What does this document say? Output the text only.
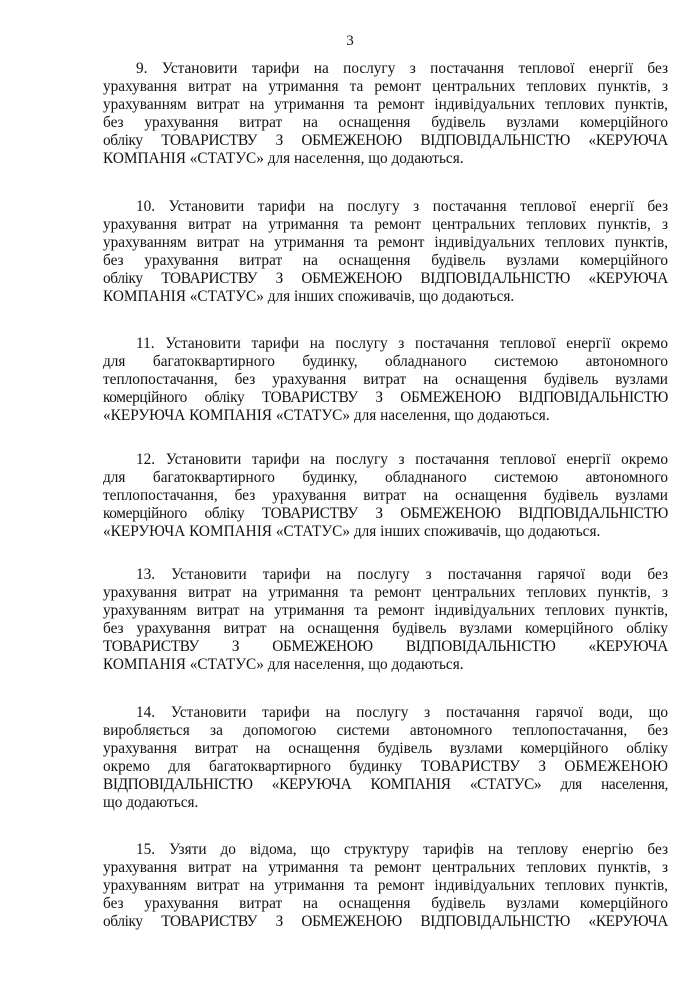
3
9. Установити тарифи на послугу з постачання теплової енергії без
урахування витрат на утримання та ремонт центральних теплових пунктів, з
урахуванням витрат на утримання та ремонт індивідуальних теплових пунктів,
без урахування витрат на оснащення будівель вузлами комерційного
обліку ТОВАРИСТВУ З ОБМЕЖЕНОЮ ВІДПОВІДАЛЬНІСТЮ «КЕРУЮЧА
КОМПАНІЯ «СТАТУС» для населення, що додаються.
10. Установити тарифи на послугу з постачання теплової енергії без
урахування витрат на утримання та ремонт центральних теплових пунктів, з
урахуванням витрат на утримання та ремонт індивідуальних теплових пунктів,
без урахування витрат на оснащення будівель вузлами комерційного
обліку ТОВАРИСТВУ З ОБМЕЖЕНОЮ ВІДПОВІДАЛЬНІСТЮ «КЕРУЮЧА
КОМПАНІЯ «СТАТУС» для інших споживачів, що додаються.
11. Установити тарифи на послугу з постачання теплової енергії окремо
для багатоквартирного будинку, обладнаного системою автономного
теплопостачання, без урахування витрат на оснащення будівель вузлами
комерційного обліку ТОВАРИСТВУ З ОБМЕЖЕНОЮ ВІДПОВІДАЛЬНІСТЮ
«КЕРУЮЧА КОМПАНІЯ «СТАТУС» для населення, що додаються.
12. Установити тарифи на послугу з постачання теплової енергії окремо
для багатоквартирного будинку, обладнаного системою автономного
теплопостачання, без урахування витрат на оснащення будівель вузлами
комерційного обліку ТОВАРИСТВУ З ОБМЕЖЕНОЮ ВІДПОВІДАЛЬНІСТЮ
«КЕРУЮЧА КОМПАНІЯ «СТАТУС» для інших споживачів, що додаються.
13. Установити тарифи на послугу з постачання гарячої води без
урахування витрат на утримання та ремонт центральних теплових пунктів, з
урахуванням витрат на утримання та ремонт індивідуальних теплових пунктів,
без урахування витрат на оснащення будівель вузлами комерційного обліку
ТОВАРИСТВУ З ОБМЕЖЕНОЮ ВІДПОВІДАЛЬНІСТЮ «КЕРУЮЧА
КОМПАНІЯ «СТАТУС» для населення, що додаються.
14. Установити тарифи на послугу з постачання гарячої води, що
виробляється за допомогою системи автономного теплопостачання, без
урахування витрат на оснащення будівель вузлами комерційного обліку
окремо для багатоквартирного будинку ТОВАРИСТВУ З ОБМЕЖЕНОЮ
ВІДПОВІДАЛЬНІСТЮ «КЕРУЮЧА КОМПАНІЯ «СТАТУС» для населення,
що додаються.
15. Узяти до відома, що структуру тарифів на теплову енергію без
урахування витрат на утримання та ремонт центральних теплових пунктів, з
урахуванням витрат на утримання та ремонт індивідуальних теплових пунктів,
без урахування витрат на оснащення будівель вузлами комерційного
обліку ТОВАРИСТВУ З ОБМЕЖЕНОЮ ВІДПОВІДАЛЬНІСТЮ «КЕРУЮЧА
